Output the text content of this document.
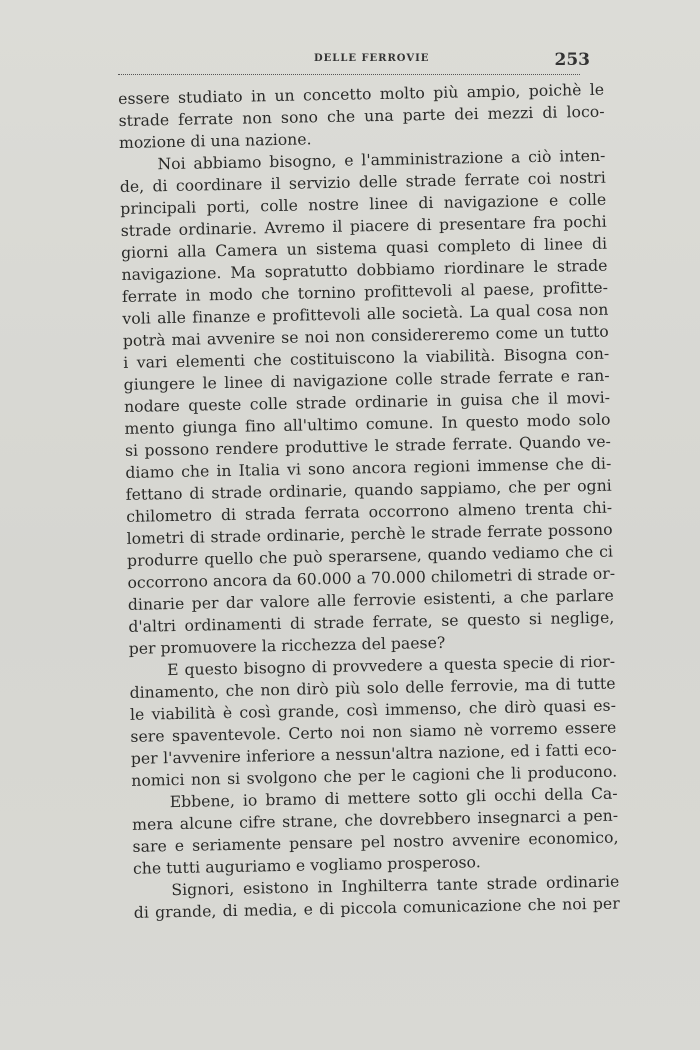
DELLE FERROVIE	253
essere studiato in un concetto molto più ampio, poichè le
strade ferrate non sono che una parte dei mezzi di loco-
mozione di una nazione.
Noi abbiamo bisogno, e l'amministrazione a ciò inten-
de, di coordinare il servizio delle strade ferrate coi nostri
principali porti, colle nostre linee di navigazione e colle
strade ordinarie. Avremo il piacere di presentare fra pochi
giorni alla Camera un sistema quasi completo di linee di
navigazione. Ma sopratutto dobbiamo riordinare le strade
ferrate in modo che tornino profittevoli al paese, profitte-
voli alle finanze e profittevoli alle società. La qual cosa non
potrà mai avvenire se noi non considereremo come un tutto
i vari elementi che costituiscono la viabilità. Bisogna con-
giungere le linee di navigazione colle strade ferrate e ran-
nodare queste colle strade ordinarie in guisa che il movi-
mento giunga fino all'ultimo comune. In questo modo solo
si possono rendere produttive le strade ferrate. Quando ve-
diamo che in Italia vi sono ancora regioni immense che di-
fettano di strade ordinarie, quando sappiamo, che per ogni
chilometro di strada ferrata occorrono almeno trenta chi-
lometri di strade ordinarie, perchè le strade ferrate possono
produrre quello che può sperarsene, quando vediamo che ci
occorrono ancora da 60.000 a 70.000 chilometri di strade or-
dinarie per dar valore alle ferrovie esistenti, a che parlare
d'altri ordinamenti di strade ferrate, se questo si neglige,
per promuovere la ricchezza del paese?
E questo bisogno di provvedere a questa specie di rior-
dinamento, che non dirò più solo delle ferrovie, ma di tutte
le viabilità è così grande, così immenso, che dirò quasi es-
sere spaventevole. Certo noi non siamo nè vorremo essere
per l'avvenire inferiore a nessun'altra nazione, ed i fatti eco-
nomici non si svolgono che per le cagioni che li producono.
Ebbene, io bramo di mettere sotto gli occhi della Ca-
mera alcune cifre strane, che dovrebbero insegnarci a pen-
sare e seriamente pensare pel nostro avvenire economico,
che tutti auguriamo e vogliamo prosperoso.
Signori, esistono in Inghilterra tante strade ordinarie
di grande, di media, e di piccola comunicazione che noi per
